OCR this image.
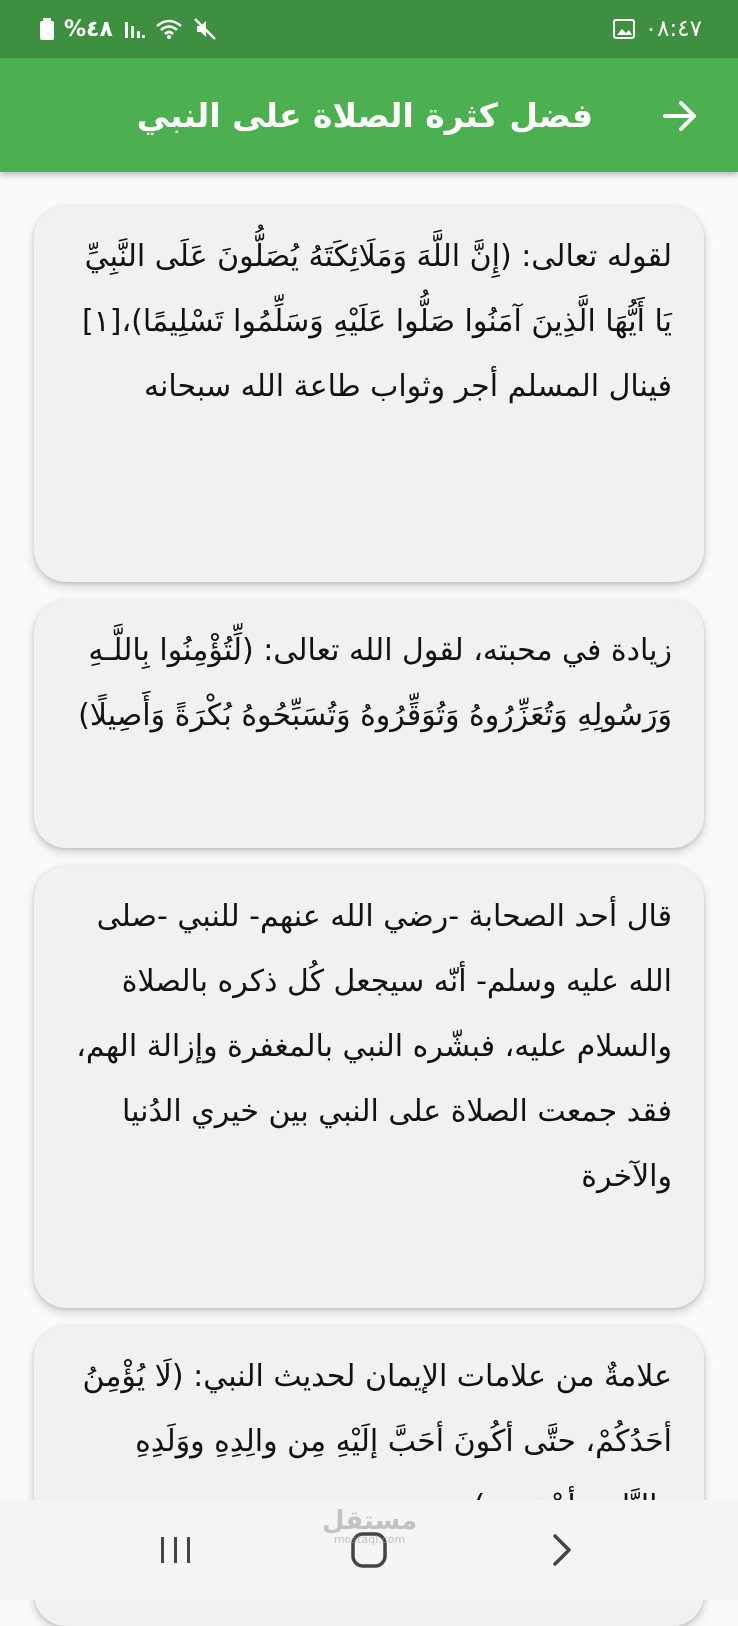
%٤٨	٠٨:٤٧
فضل كثرة الصلاة على النبي

لقوله تعالى: (إِنَّ اللَّهَ وَمَلَائِكَتَهُ يُصَلُّونَ عَلَى النَّبِيِّ يَا أَيُّهَا الَّذِينَ آمَنُوا صَلُّوا عَلَيْهِ وَسَلِّمُوا تَسْلِيمًا)،[١] فينال المسلم أجر وثواب طاعة الله سبحانه

زيادة في محبته، لقول الله تعالى: (لِّتُؤْمِنُوا بِاللَّـهِ وَرَسُولِهِ وَتُعَزِّرُوهُ وَتُوَقِّرُوهُ وَتُسَبِّحُوهُ بُكْرَةً وَأَصِيلًا)

قال أحد الصحابة -رضي الله عنهم- للنبي -صلى الله عليه وسلم- أنّه سيجعل كُل ذكره بالصلاة والسلام عليه، فبشّره النبي بالمغفرة وإزالة الهم، فقد جمعت الصلاة على النبي بين خيري الدُنيا والآخرة

علامةٌ من علامات الإيمان لحديث النبي: (لَا يُؤْمِنُ أحَدُكُمْ، حتَّى أكُونَ أحَبَّ إلَيْهِ مِن والِدِهِ ووَلَدِهِ

مستقل
mostaql.com
